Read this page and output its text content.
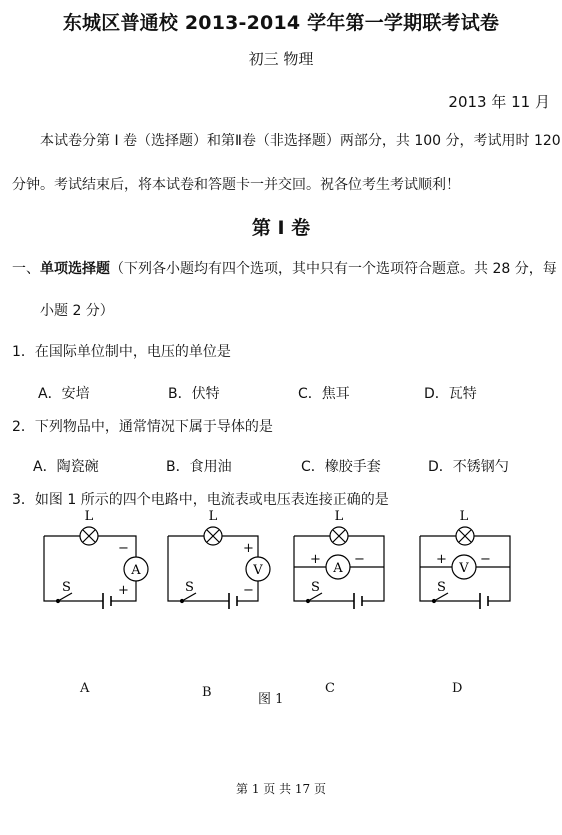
东城区普通校 2013-2014 学年第一学期联考试卷
初三 物理
2013 年 11 月
本试卷分第 I 卷（选择题）和第Ⅱ卷（非选择题）两部分，共 100 分，考试用时 120
分钟。考试结束后，将本试卷和答题卡一并交回。祝各位考生考试顺利！
第 I 卷
一、单项选择题（下列各小题均有四个选项，其中只有一个选项符合题意。共 28 分，每
小题 2 分）
1．在国际单位制中，电压的单位是
A．安培	B．伏特	C．焦耳	D．瓦特
2．下列物品中，通常情况下属于导体的是
A．陶瓷碗	B．食用油	C．橡胶手套	D．不锈钢勺
3．如图 1 所示的四个电路中，电流表或电压表连接正确的是
L
A
S
−
+
L
V
S
+
−
L
A
S
+	−
L
V
S
+	−
A	B	C	D
图 1
第 1 页 共 17 页
